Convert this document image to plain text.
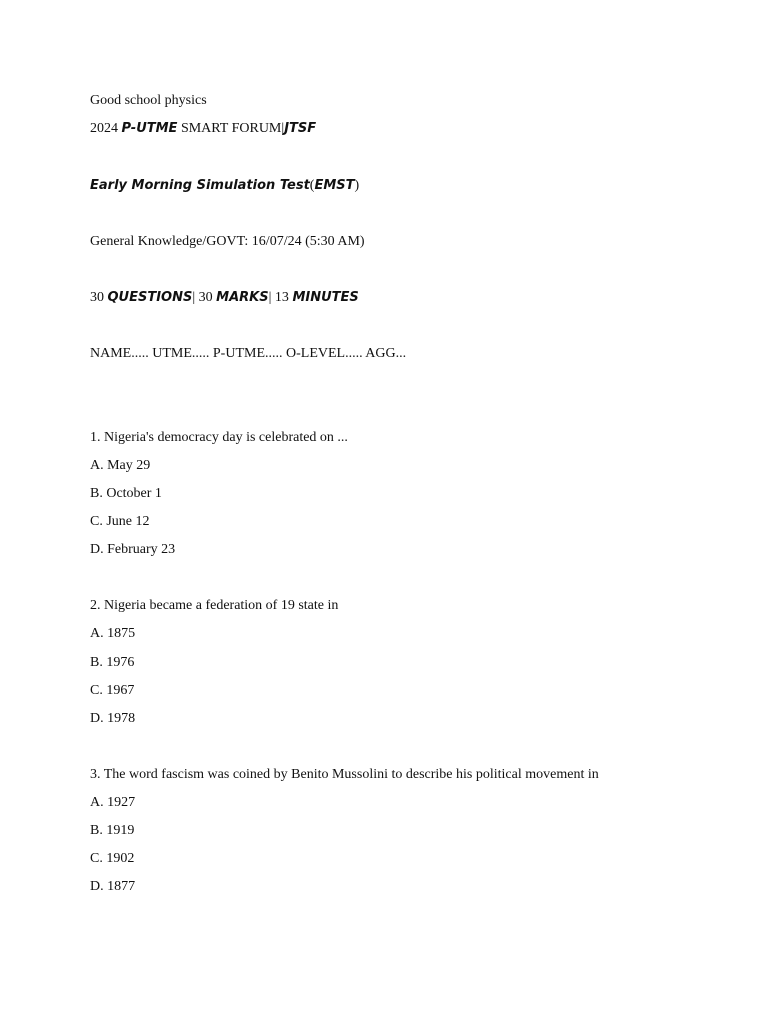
Good school physics
2024 P-UTME SMART FORUM|JTSF
Early Morning Simulation Test(EMST)
General Knowledge/GOVT: 16/07/24 (5:30 AM)
30 QUESTIONS| 30 MARKS| 13 MINUTES
NAME..... UTME..... P-UTME..... O-LEVEL..... AGG...
1. Nigeria's democracy day is celebrated on ...
A. May 29
B. October 1
C. June 12
D. February 23
2. Nigeria became a federation of 19 state in
A. 1875
B. 1976
C. 1967
D. 1978
3. The word fascism was coined by Benito Mussolini to describe his political movement in
A. 1927
B. 1919
C. 1902
D. 1877
